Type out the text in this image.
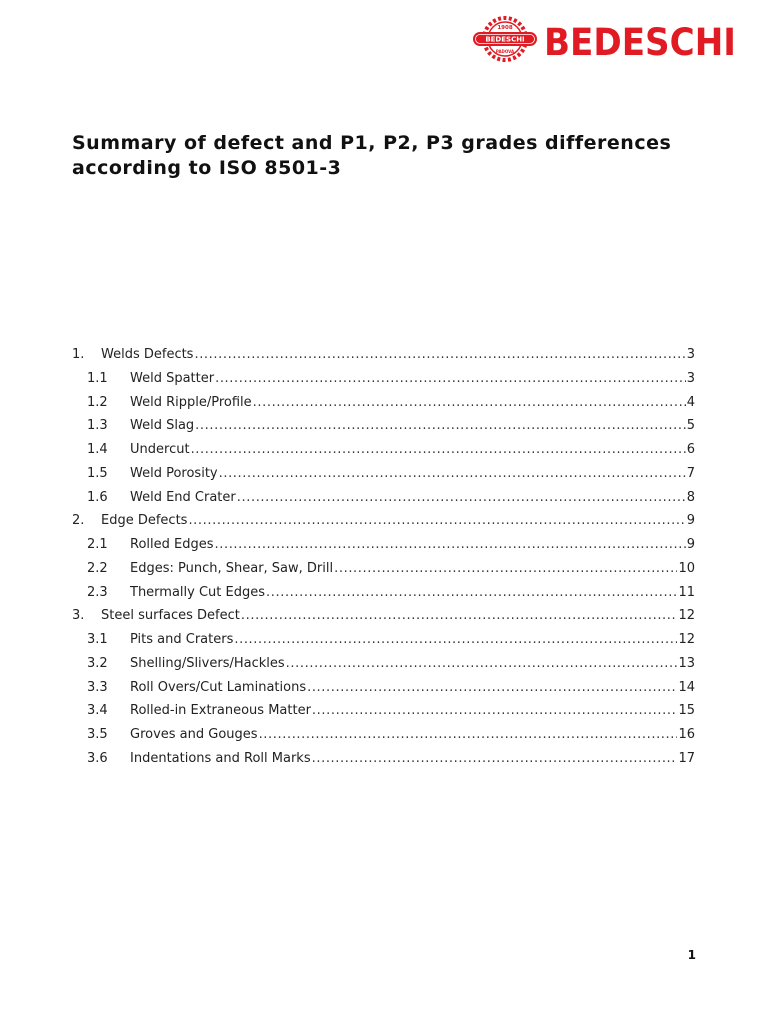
1908
BEDESCHI
PADOVA BEDESCHI
Summary of defect and P1, P2, P3 grades differences according to ISO 8501-3
1.	Welds Defects .....	3
1.1	Weld Spatter .....	3
1.2	Weld Ripple/Profile .....	4
1.3	Weld Slag .....	5
1.4	Undercut .....	6
1.5	Weld Porosity .....	7
1.6	Weld End Crater .....	8
2.	Edge Defects .....	9
2.1	Rolled Edges .....	9
2.2	Edges: Punch, Shear, Saw, Drill .....	10
2.3	Thermally Cut Edges .....	11
3.	Steel surfaces Defect .....	12
3.1	Pits and Craters .....	12
3.2	Shelling/Slivers/Hackles .....	13
3.3	Roll Overs/Cut Laminations .....	14
3.4	Rolled-in Extraneous Matter .....	15
3.5	Groves and Gouges .....	16
3.6	Indentations and Roll Marks .....	17
1
